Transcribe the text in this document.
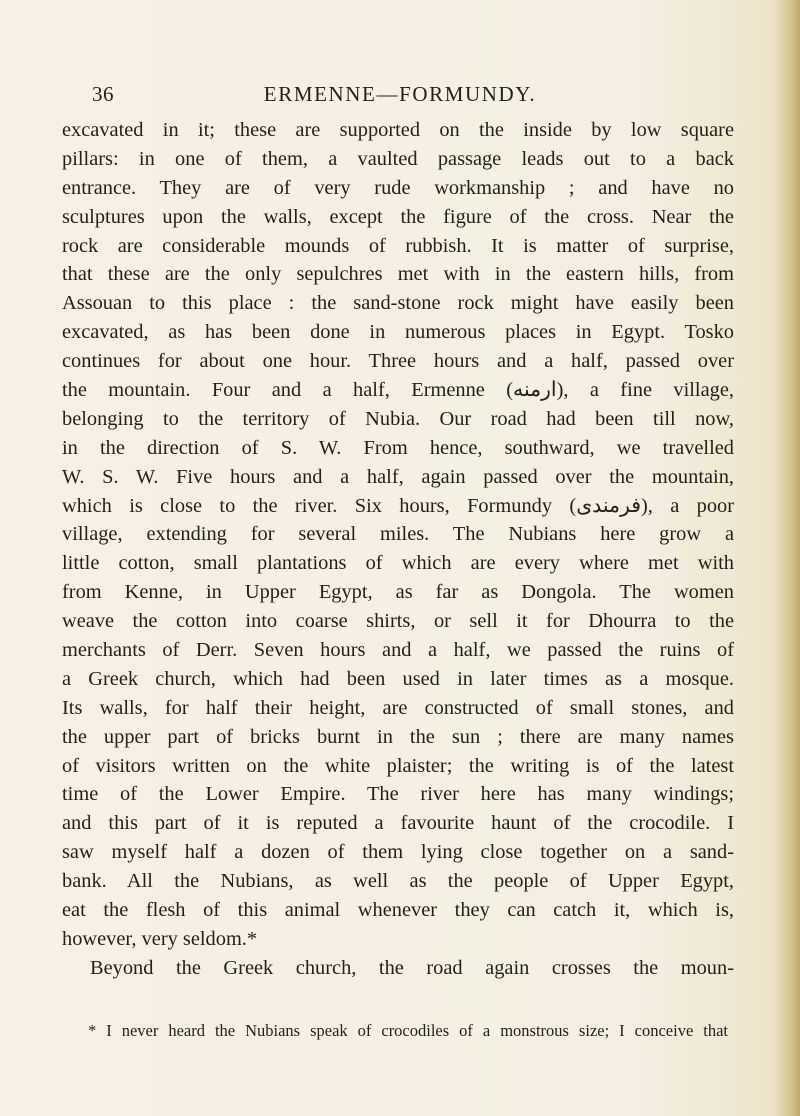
36	ERMENNE—FORMUNDY.
excavated in it; these are supported on the inside by low square
pillars: in one of them, a vaulted passage leads out to a back
entrance. They are of very rude workmanship ; and have no
sculptures upon the walls, except the figure of the cross. Near the
rock are considerable mounds of rubbish. It is matter of surprise,
that these are the only sepulchres met with in the eastern hills, from
Assouan to this place : the sand-stone rock might have easily been
excavated, as has been done in numerous places in Egypt. Tosko
continues for about one hour. Three hours and a half, passed over
the mountain. Four and a half, Ermenne (ارمنه), a fine village,
belonging to the territory of Nubia. Our road had been till now,
in the direction of S. W. From hence, southward, we travelled
W. S. W. Five hours and a half, again passed over the mountain,
which is close to the river. Six hours, Formundy (فرمندى), a poor
village, extending for several miles. The Nubians here grow a
little cotton, small plantations of which are every where met with
from Kenne, in Upper Egypt, as far as Dongola. The women
weave the cotton into coarse shirts, or sell it for Dhourra to the
merchants of Derr. Seven hours and a half, we passed the ruins of
a Greek church, which had been used in later times as a mosque.
Its walls, for half their height, are constructed of small stones, and
the upper part of bricks burnt in the sun ; there are many names
of visitors written on the white plaister; the writing is of the latest
time of the Lower Empire. The river here has many windings;
and this part of it is reputed a favourite haunt of the crocodile. I
saw myself half a dozen of them lying close together on a sand-
bank. All the Nubians, as well as the people of Upper Egypt,
eat the flesh of this animal whenever they can catch it, which is,
however, very seldom.*
Beyond the Greek church, the road again crosses the moun-
* I never heard the Nubians speak of crocodiles of a monstrous size; I conceive that
